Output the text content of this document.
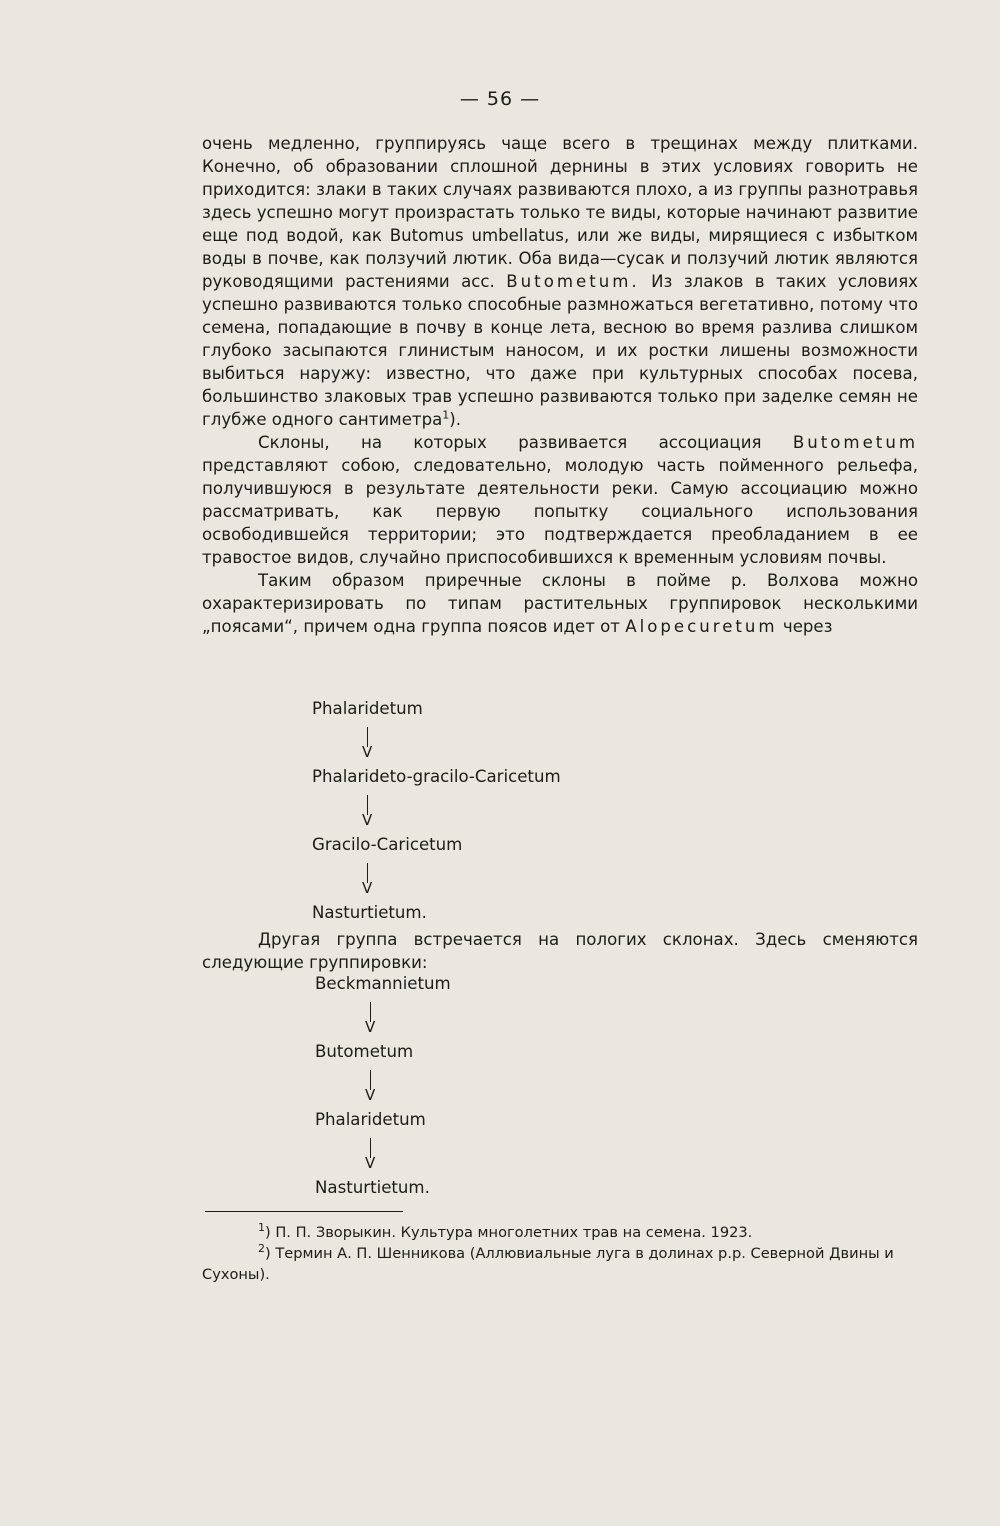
— 56 —

очень медленно, группируясь чаще всего в трещинах между плитками. Конечно, об образовании сплошной дернины в этих условиях говорить не приходится: злаки в таких случаях развиваются плохо, а из группы разнотравья здесь успешно могут произрастать только те виды, которые начинают развитие еще под водой, как Butomus umbellatus, или же виды, мирящиеся с избытком воды в почве, как ползучий лютик. Оба вида—сусак и ползучий лютик являются руководящими растениями асс. Butometum. Из злаков в таких условиях успешно развиваются только способные размножаться вегетативно, потому что семена, попадающие в почву в конце лета, весною во время разлива слишком глубоко засыпаются глинистым наносом, и их ростки лишены возможности выбиться наружу: известно, что даже при культурных способах посева, большинство злаковых трав успешно развиваются только при заделке семян не глубже одного сантиметра$^1$).

Склоны, на которых развивается ассоциация Butometum представляют собою, следовательно, молодую часть пойменного рельефа, получившуюся в результате деятельности реки. Самую ассоциацию можно рассматривать, как первую попытку социального использования освободившейся территории; это подтверждается преобладанием в ее травостое видов, случайно приспособившихся к временным условиям почвы.

Таким образом приречные склоны в пойме р. Волхова можно охарактеризировать по типам растительных группировок несколькими „поясами“, причем одна группа поясов идет от Alopecuretum через

Phalaridetum
V
Phalarideto-gracilo-Caricetum
V
Gracilo-Caricetum
V
Nasturtietum.

Другая группа встречается на пологих склонах. Здесь сменяются следующие группировки:

Beckmannietum
V
Butometum
V
Phalaridetum
V
Nasturtietum.

$^1$) П. П. Зворыкин. Культура многолетних трав на семена. 1923.

$^2$) Термин А. П. Шенникова (Аллювиальные луга в долинах р.р. Северной Двины и Сухоны).
